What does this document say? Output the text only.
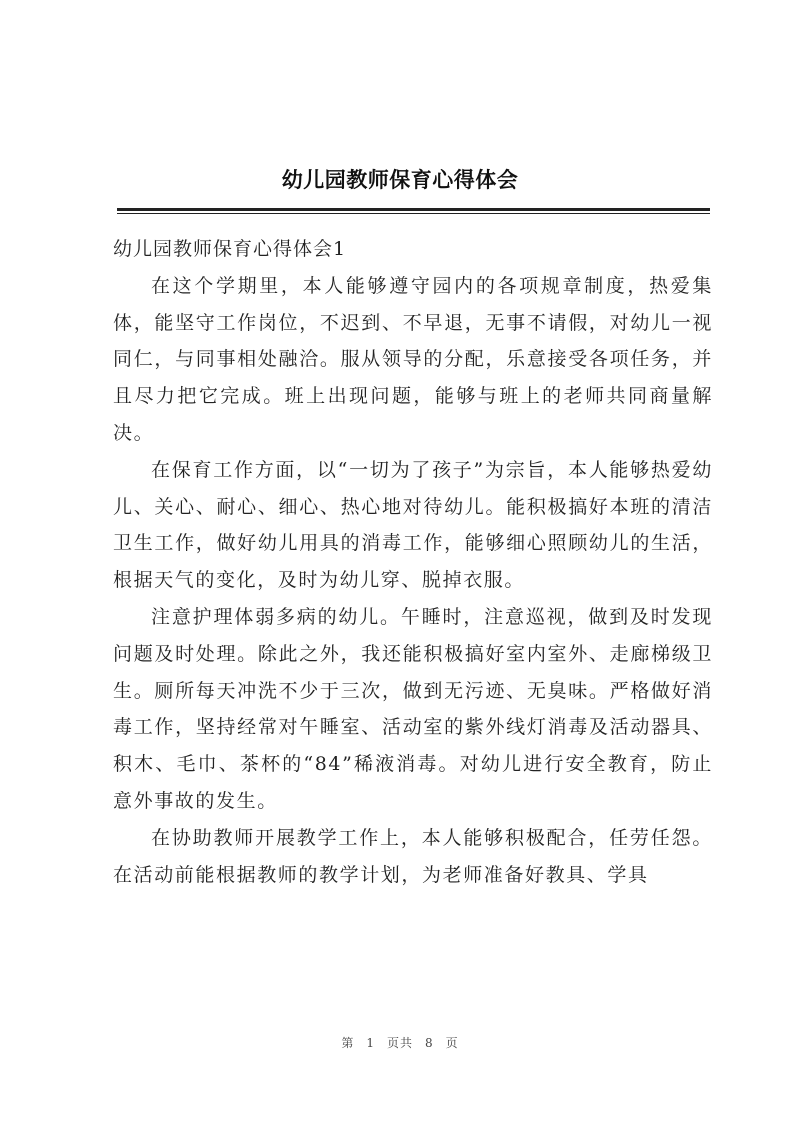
幼儿园教师保育心得体会

幼儿园教师保育心得体会1

在这个学期里，本人能够遵守园内的各项规章制度，热爱集体，能坚守工作岗位，不迟到、不早退，无事不请假，对幼儿一视同仁，与同事相处融洽。服从领导的分配，乐意接受各项任务，并且尽力把它完成。班上出现问题，能够与班上的老师共同商量解决。

在保育工作方面，以“一切为了孩子”为宗旨，本人能够热爱幼儿、关心、耐心、细心、热心地对待幼儿。能积极搞好本班的清洁卫生工作，做好幼儿用具的消毒工作，能够细心照顾幼儿的生活，根据天气的变化，及时为幼儿穿、脱掉衣服。

注意护理体弱多病的幼儿。午睡时，注意巡视，做到及时发现问题及时处理。除此之外，我还能积极搞好室内室外、走廊梯级卫生。厕所每天冲洗不少于三次，做到无污迹、无臭味。严格做好消毒工作，坚持经常对午睡室、活动室的紫外线灯消毒及活动器具、积木、毛巾、茶杯的“84”稀液消毒。对幼儿进行安全教育，防止意外事故的发生。

在协助教师开展教学工作上，本人能够积极配合，任劳任怨。在活动前能根据教师的教学计划，为老师准备好教具、学具

第 1 页共 8 页
